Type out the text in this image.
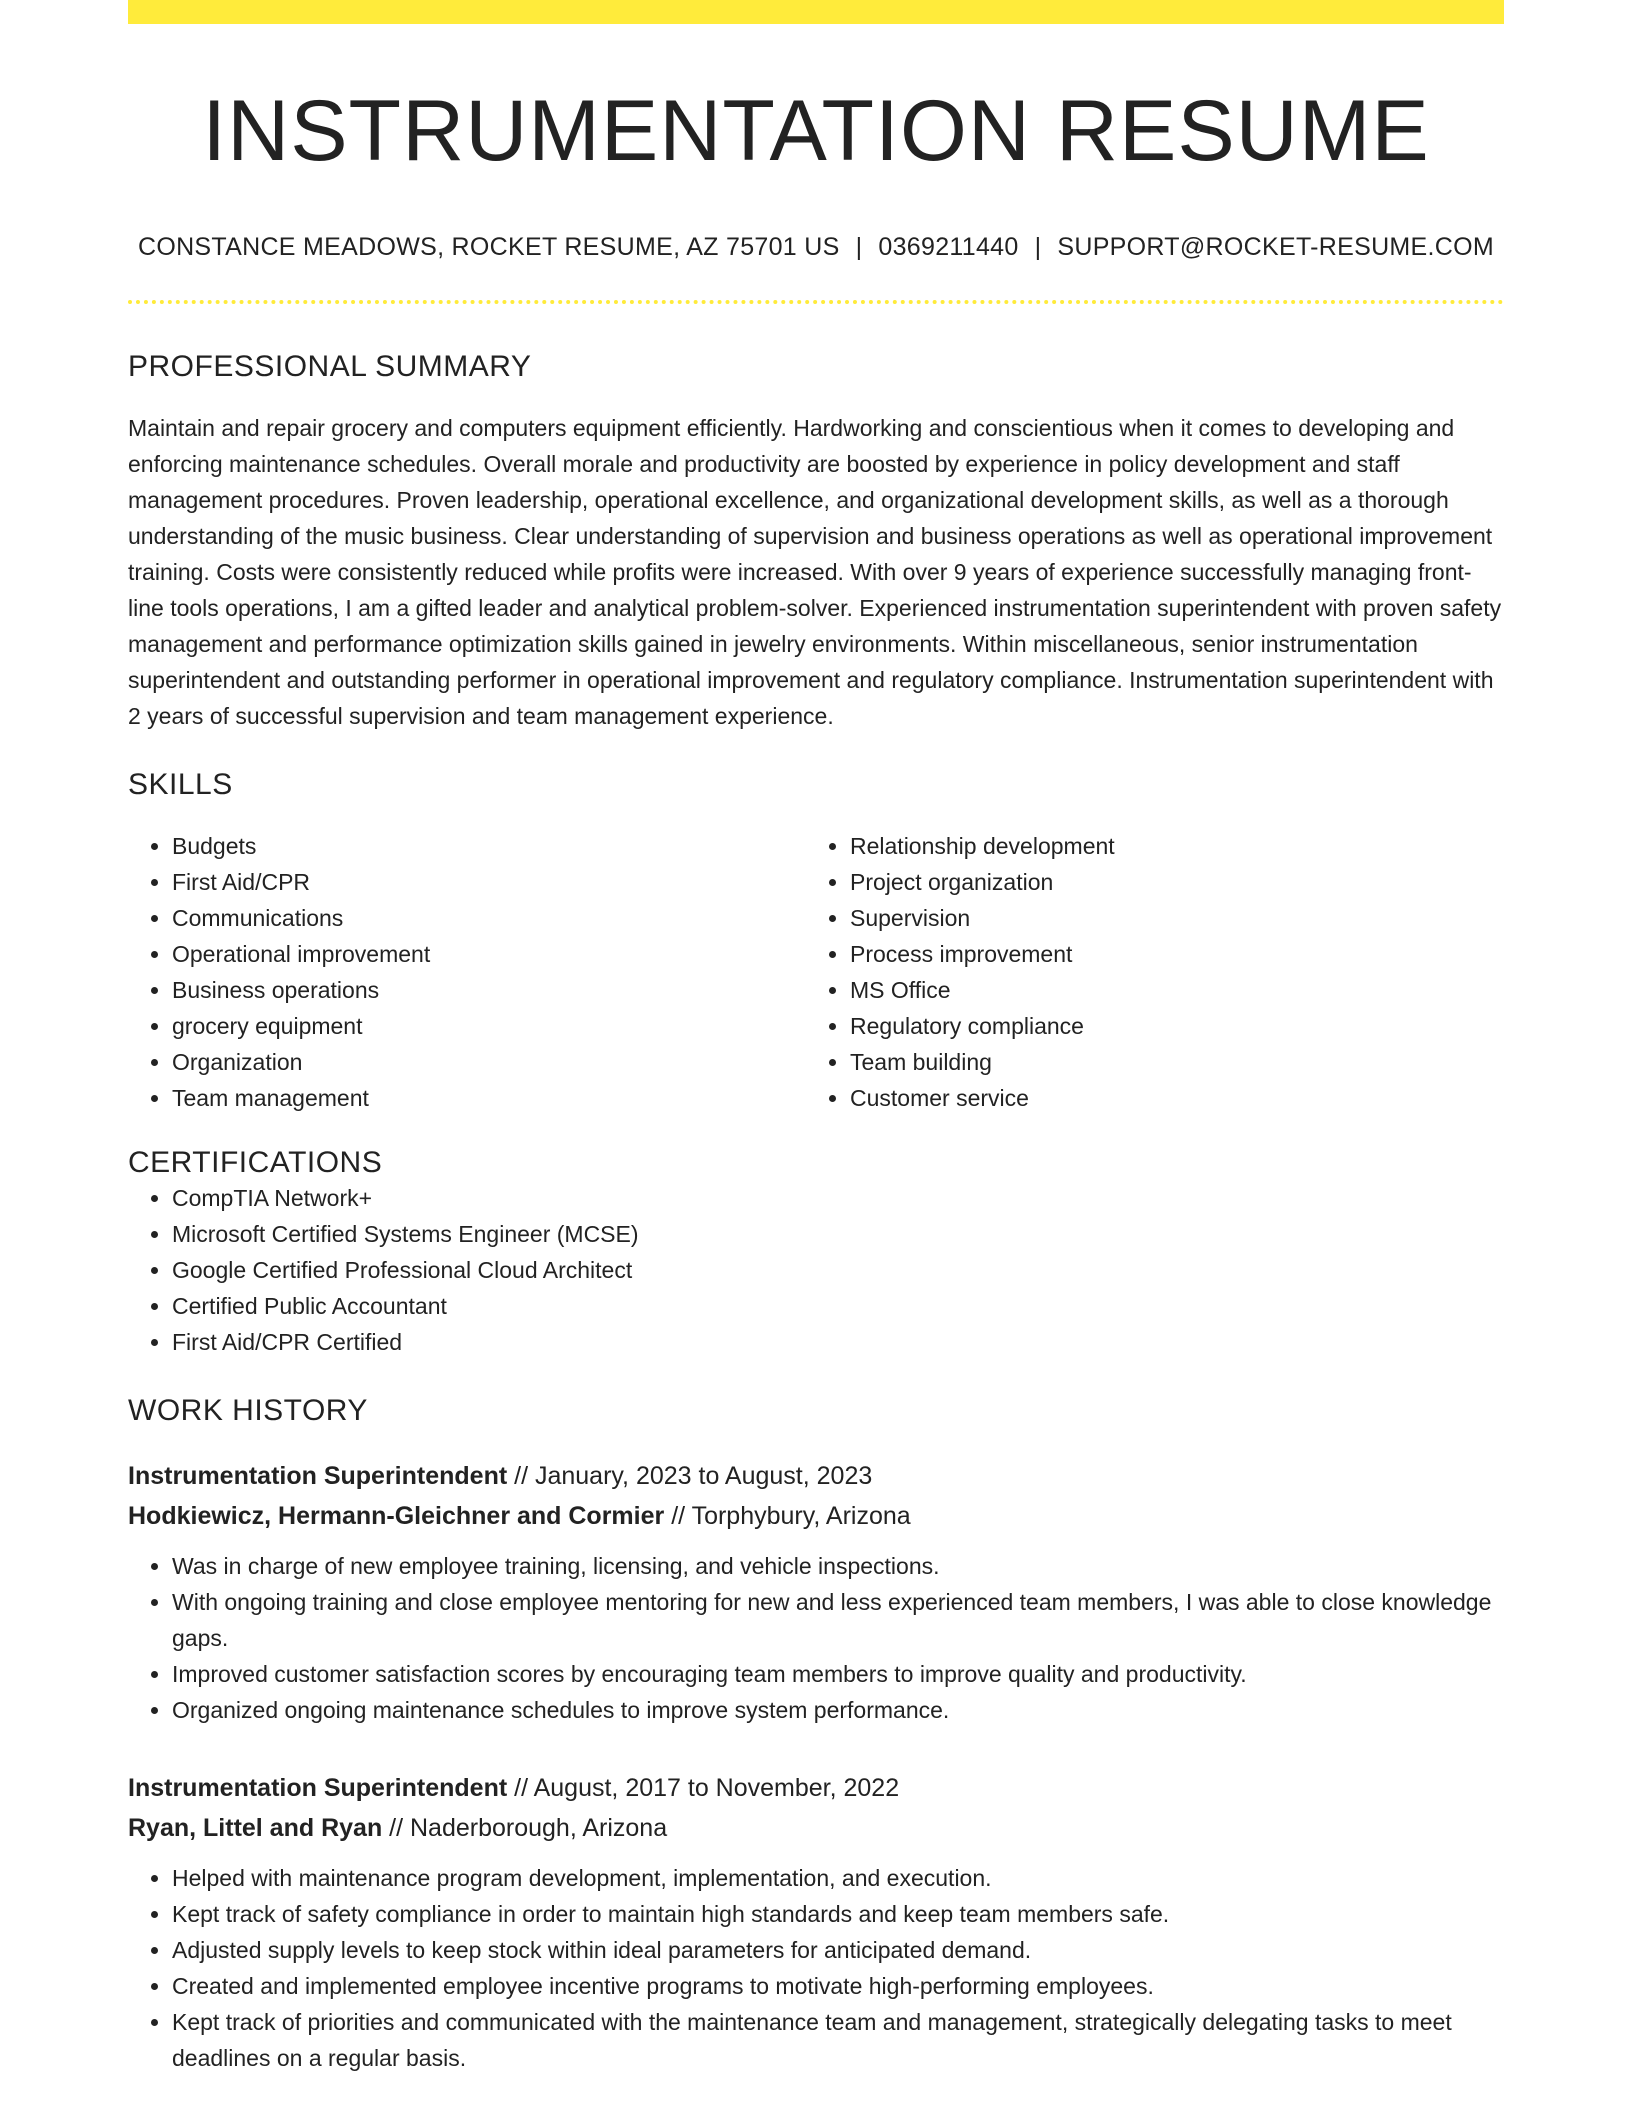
INSTRUMENTATION RESUME
CONSTANCE MEADOWS, ROCKET RESUME, AZ 75701 US | 0369211440 | SUPPORT@ROCKET-RESUME.COM
PROFESSIONAL SUMMARY

Maintain and repair grocery and computers equipment efficiently. Hardworking and conscientious when it comes to developing and enforcing maintenance schedules. Overall morale and productivity are boosted by experience in policy development and staff management procedures. Proven leadership, operational excellence, and organizational development skills, as well as a thorough understanding of the music business. Clear understanding of supervision and business operations as well as operational improvement training. Costs were consistently reduced while profits were increased. With over 9 years of experience successfully managing front-line tools operations, I am a gifted leader and analytical problem-solver. Experienced instrumentation superintendent with proven safety management and performance optimization skills gained in jewelry environments. Within miscellaneous, senior instrumentation superintendent and outstanding performer in operational improvement and regulatory compliance. Instrumentation superintendent with 2 years of successful supervision and team management experience.

SKILLS
• Budgets
• First Aid/CPR
• Communications
• Operational improvement
• Business operations
• grocery equipment
• Organization
• Team management
• Relationship development
• Project organization
• Supervision
• Process improvement
• MS Office
• Regulatory compliance
• Team building
• Customer service
CERTIFICATIONS
• CompTIA Network+
• Microsoft Certified Systems Engineer (MCSE)
• Google Certified Professional Cloud Architect
• Certified Public Accountant
• First Aid/CPR Certified
WORK HISTORY
Instrumentation Superintendent // January, 2023 to August, 2023
Hodkiewicz, Hermann-Gleichner and Cormier // Torphybury, Arizona
• Was in charge of new employee training, licensing, and vehicle inspections.
• With ongoing training and close employee mentoring for new and less experienced team members, I was able to close knowledge gaps.
• Improved customer satisfaction scores by encouraging team members to improve quality and productivity.
• Organized ongoing maintenance schedules to improve system performance.
Instrumentation Superintendent // August, 2017 to November, 2022
Ryan, Littel and Ryan // Naderborough, Arizona
• Helped with maintenance program development, implementation, and execution.
• Kept track of safety compliance in order to maintain high standards and keep team members safe.
• Adjusted supply levels to keep stock within ideal parameters for anticipated demand.
• Created and implemented employee incentive programs to motivate high-performing employees.
• Kept track of priorities and communicated with the maintenance team and management, strategically delegating tasks to meet deadlines on a regular basis.
